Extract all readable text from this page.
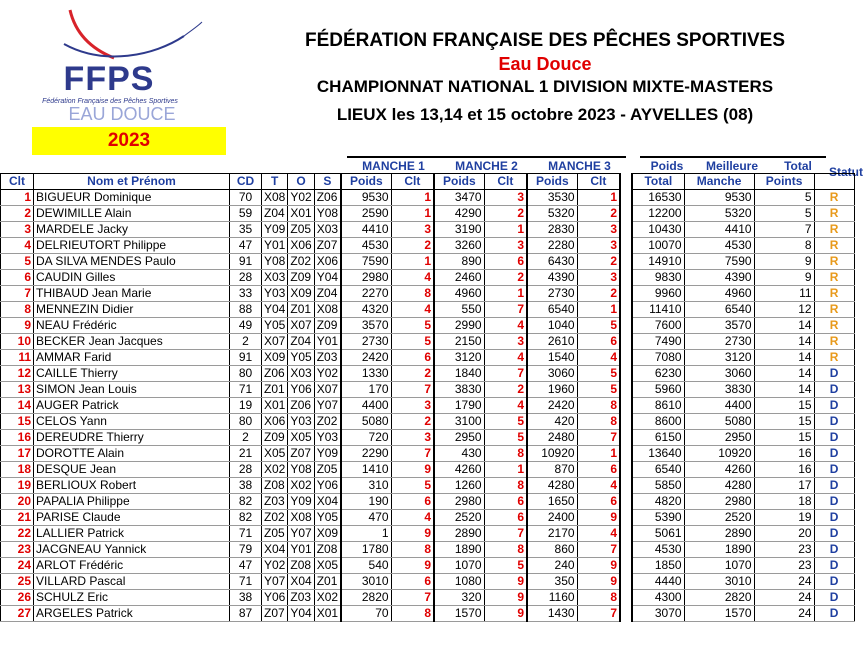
FFPS
Fédération Française des Pêches Sportives
EAU DOUCE
2023
FÉDÉRATION FRANÇAISE DES PÊCHES SPORTIVES
Eau Douce
CHAMPIONNAT NATIONAL 1 DIVISION MIXTE-MASTERS
LIEUX les 13,14 et 15 octobre 2023 - AYVELLES (08)
MANCHE 1	MANCHE 2	MANCHE 3	Poids	Meilleure	Total	Statut
Clt	Nom et Prénom	CD	T	O	S	Poids	Clt	Poids	Clt	Poids	Clt		Total	Manche	Points	
1	BIGUEUR Dominique	70	X08	Y02	Z06	9530	1	3470	3	3530	1		16530	9530	5	R
2	DEWIMILLE Alain	59	Z04	X01	Y08	2590	1	4290	2	5320	2		12200	5320	5	R
3	MARDELE Jacky	35	Y09	Z05	X03	4410	3	3190	1	2830	3		10430	4410	7	R
4	DELRIEUTORT Philippe	47	Y01	X06	Z07	4530	2	3260	3	2280	3		10070	4530	8	R
5	DA SILVA MENDES Paulo	91	Y08	Z02	X06	7590	1	890	6	6430	2		14910	7590	9	R
6	CAUDIN Gilles	28	X03	Z09	Y04	2980	4	2460	2	4390	3		9830	4390	9	R
7	THIBAUD Jean Marie	33	Y03	X09	Z04	2270	8	4960	1	2730	2		9960	4960	11	R
8	MENNEZIN Didier	88	Y04	Z01	X08	4320	4	550	7	6540	1		11410	6540	12	R
9	NEAU Frédéric	49	Y05	X07	Z09	3570	5	2990	4	1040	5		7600	3570	14	R
10	BECKER Jean Jacques	2	X07	Z04	Y01	2730	5	2150	3	2610	6		7490	2730	14	R
11	AMMAR Farid	91	X09	Y05	Z03	2420	6	3120	4	1540	4		7080	3120	14	R
12	CAILLE Thierry	80	Z06	X03	Y02	1330	2	1840	7	3060	5		6230	3060	14	D
13	SIMON Jean Louis	71	Z01	Y06	X07	170	7	3830	2	1960	5		5960	3830	14	D
14	AUGER Patrick	19	X01	Z06	Y07	4400	3	1790	4	2420	8		8610	4400	15	D
15	CELOS Yann	80	X06	Y03	Z02	5080	2	3100	5	420	8		8600	5080	15	D
16	DEREUDRE Thierry	2	Z09	X05	Y03	720	3	2950	5	2480	7		6150	2950	15	D
17	DOROTTE Alain	21	X05	Z07	Y09	2290	7	430	8	10920	1		13640	10920	16	D
18	DESQUE Jean	28	X02	Y08	Z05	1410	9	4260	1	870	6		6540	4260	16	D
19	BERLIOUX Robert	38	Z08	X02	Y06	310	5	1260	8	4280	4		5850	4280	17	D
20	PAPALIA Philippe	82	Z03	Y09	X04	190	6	2980	6	1650	6		4820	2980	18	D
21	PARISE Claude	82	Z02	X08	Y05	470	4	2520	6	2400	9		5390	2520	19	D
22	LALLIER Patrick	71	Z05	Y07	X09	1	9	2890	7	2170	4		5061	2890	20	D
23	JACGNEAU Yannick	79	X04	Y01	Z08	1780	8	1890	8	860	7		4530	1890	23	D
24	ARLOT Frédéric	47	Y02	Z08	X05	540	9	1070	5	240	9		1850	1070	23	D
25	VILLARD Pascal	71	Y07	X04	Z01	3010	6	1080	9	350	9		4440	3010	24	D
26	SCHULZ Eric	38	Y06	Z03	X02	2820	7	320	9	1160	8		4300	2820	24	D
27	ARGELES Patrick	87	Z07	Y04	X01	70	8	1570	9	1430	7		3070	1570	24	D
